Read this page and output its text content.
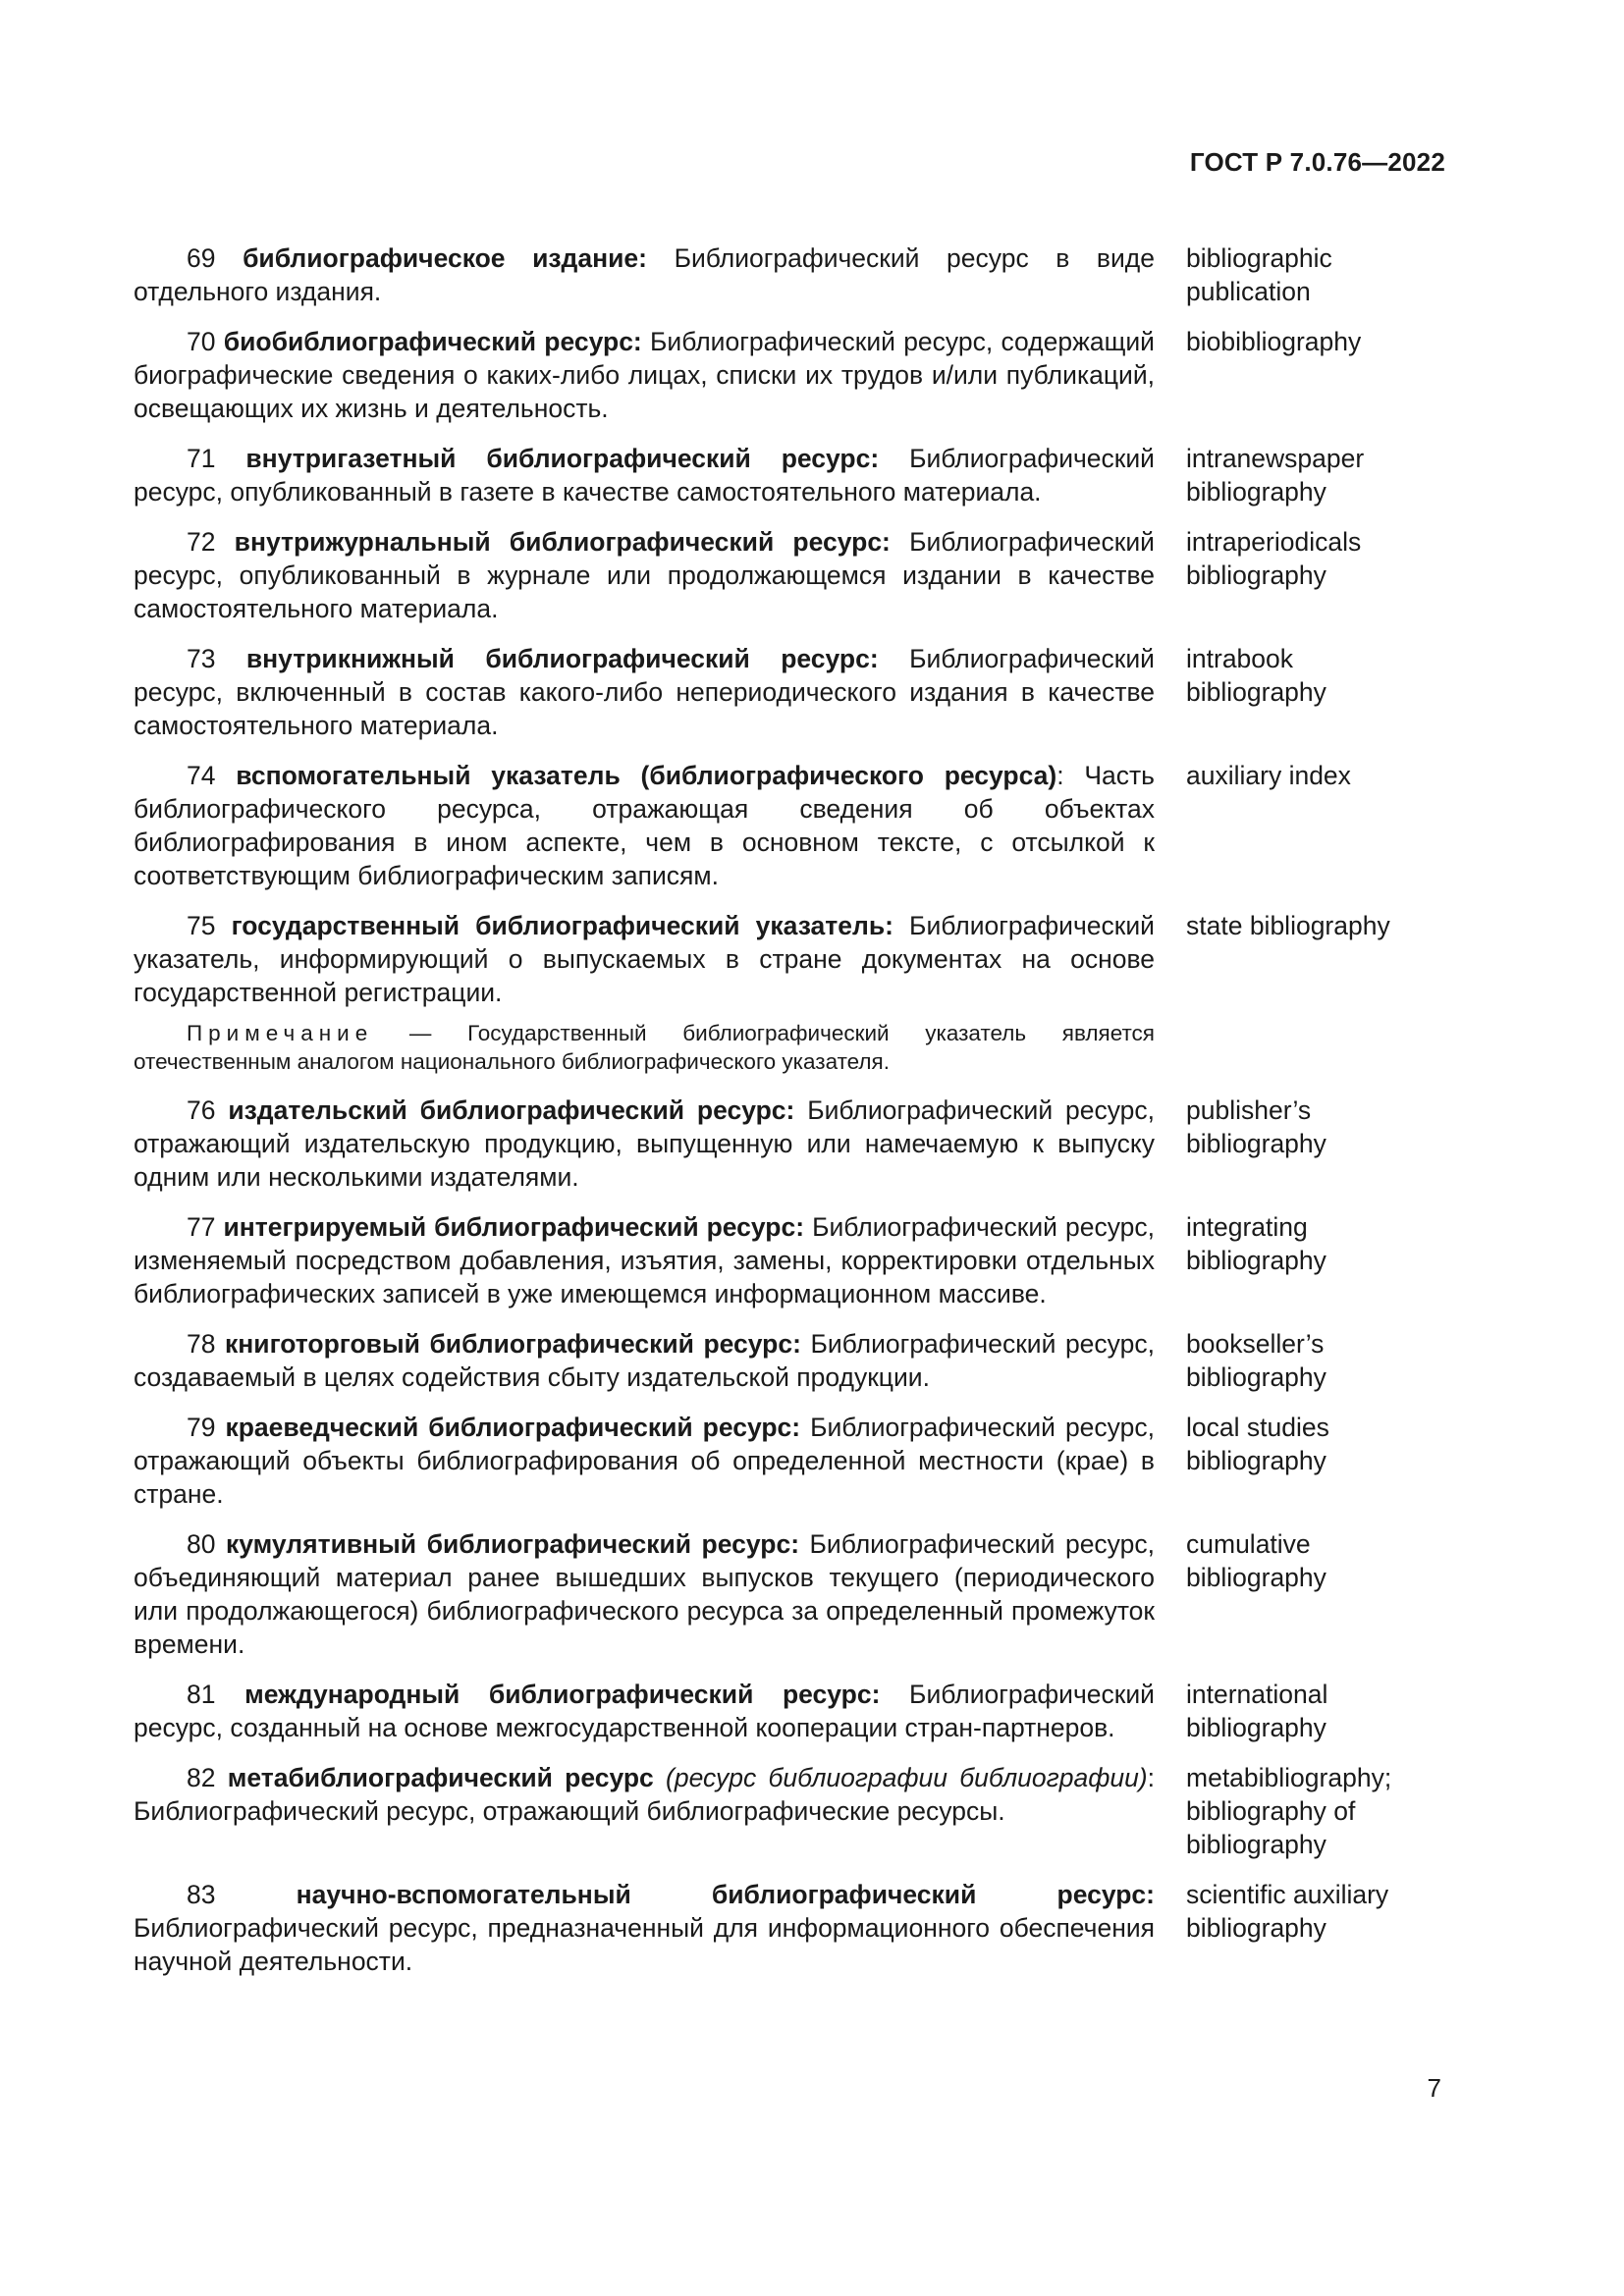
ГОСТ Р 7.0.76—2022
69 библиографическое издание: Библиографический ресурс в виде отдельного издания.
bibliographic
publication
70 биобиблиографический ресурс: Библиографический ресурс, содержащий биографические сведения о каких-либо лицах, списки их трудов и/или публикаций, освещающих их жизнь и деятельность.
biobibliography
71 внутригазетный библиографический ресурс: Библиографический ресурс, опубликованный в газете в качестве самостоятельного материала.
intranewspaper
bibliography
72 внутрижурнальный библиографический ресурс: Библиографический ресурс, опубликованный в журнале или продолжающемся издании в качестве самостоятельного материала.
intraperiodicals
bibliography
73 внутрикнижный библиографический ресурс: Библиографический ресурс, включенный в состав какого-либо непериодического издания в качестве самостоятельного материала.
intrabook
bibliography
74 вспомогательный указатель (библиографического ресурса): Часть библиографического ресурса, отражающая сведения об объектах библиографирования в ином аспекте, чем в основном тексте, с отсылкой к соответствующим библиографическим записям.
auxiliary index
75 государственный библиографический указатель: Библиографический указатель, информирующий о выпускаемых в стране документах на основе государственной регистрации.
state bibliography
Примечание — Государственный библиографический указатель является отечественным аналогом национального библиографического указателя.
76 издательский библиографический ресурс: Библиографический ресурс, отражающий издательскую продукцию, выпущенную или намечаемую к выпуску одним или несколькими издателями.
publisher’s
bibliography
77 интегрируемый библиографический ресурс: Библиографический ресурс, изменяемый посредством добавления, изъятия, замены, корректировки отдельных библиографических записей в уже имеющемся информационном массиве.
integrating
bibliography
78 книготорговый библиографический ресурс: Библиографический ресурс, создаваемый в целях содействия сбыту издательской продукции.
bookseller’s
bibliography
79 краеведческий библиографический ресурс: Библиографический ресурс, отражающий объекты библиографирования об определенной местности (крае) в стране.
local studies
bibliography
80 кумулятивный библиографический ресурс: Библиографический ресурс, объединяющий материал ранее вышедших выпусков текущего (периодического или продолжающегося) библиографического ресурса за определенный промежуток времени.
cumulative
bibliography
81 международный библиографический ресурс: Библиографический ресурс, созданный на основе межгосударственной кооперации стран-партнеров.
international
bibliography
82 метабиблиографический ресурс (ресурс библиографии библиографии): Библиографический ресурс, отражающий библиографические ресурсы.
metabibliography;
bibliography of
bibliography
83	научно-вспомогательный библиографический ресурс: Библиографический ресурс, предназначенный для информационного обеспечения научной деятельности.
scientific auxiliary
bibliography
7
